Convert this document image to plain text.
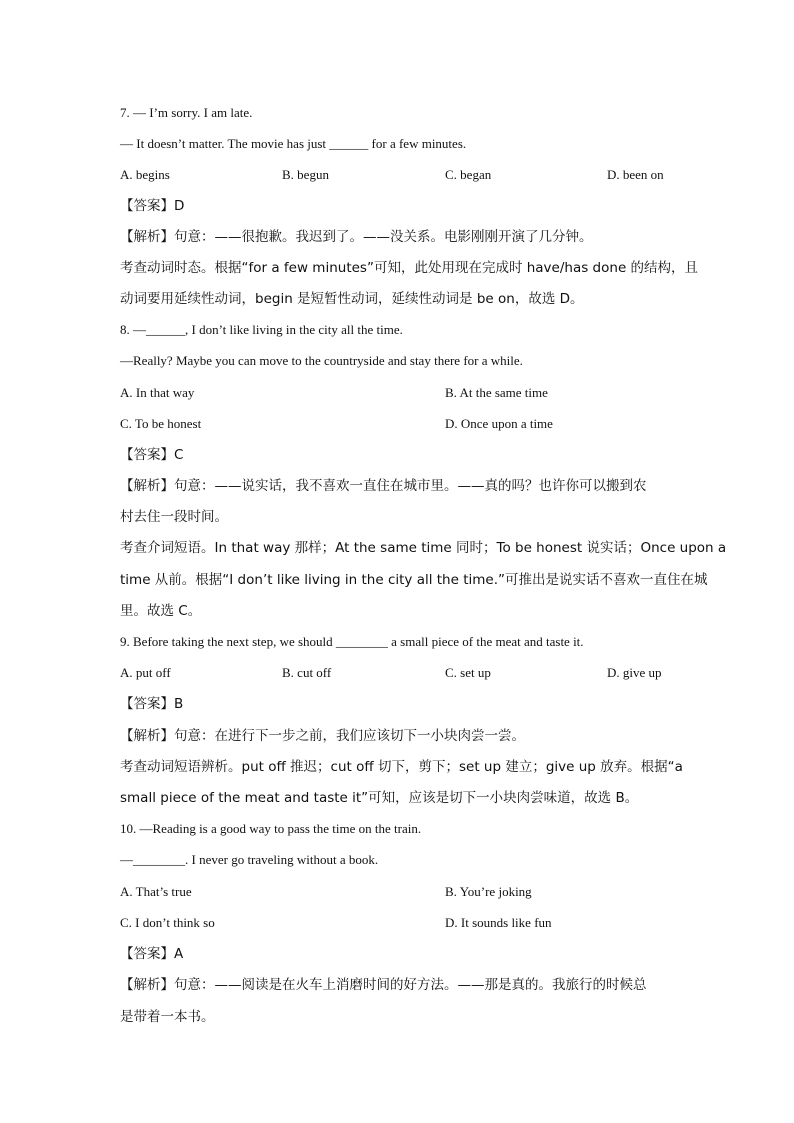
7. — I’m sorry. I am late.
— It doesn’t matter. The movie has just ______ for a few minutes.
A. begins	B. begun	C. began	D. been on
【答案】D
【解析】句意：——很抱歉。我迟到了。——没关系。电影刚刚开演了几分钟。
考查动词时态。根据“for a few minutes”可知，此处用现在完成时 have/has done 的结构，且
动词要用延续性动词，begin 是短暂性动词，延续性动词是 be on，故选 D。
8. —______, I don’t like living in the city all the time.
—Really? Maybe you can move to the countryside and stay there for a while.
A. In that way	B. At the same time
C. To be honest	D. Once upon a time
【答案】C
【解析】句意：——说实话，我不喜欢一直住在城市里。——真的吗？也许你可以搬到农
村去住一段时间。
考查介词短语。In that way 那样；At the same time 同时；To be honest 说实话；Once upon a
time 从前。根据“I don’t like living in the city all the time.”可推出是说实话不喜欢一直住在城
里。故选 C。
9. Before taking the next step, we should ________ a small piece of the meat and taste it.
A. put off	B. cut off	C. set up	D. give up
【答案】B
【解析】句意：在进行下一步之前，我们应该切下一小块肉尝一尝。
考查动词短语辨析。put off 推迟；cut off 切下，剪下；set up 建立；give up 放弃。根据“a
small piece of the meat and taste it”可知，应该是切下一小块肉尝味道，故选 B。
10. —Reading is a good way to pass the time on the train.
—________. I never go traveling without a book.
A. That’s true	B. You’re joking
C. I don’t think so	D. It sounds like fun
【答案】A
【解析】句意：——阅读是在火车上消磨时间的好方法。——那是真的。我旅行的时候总
是带着一本书。
